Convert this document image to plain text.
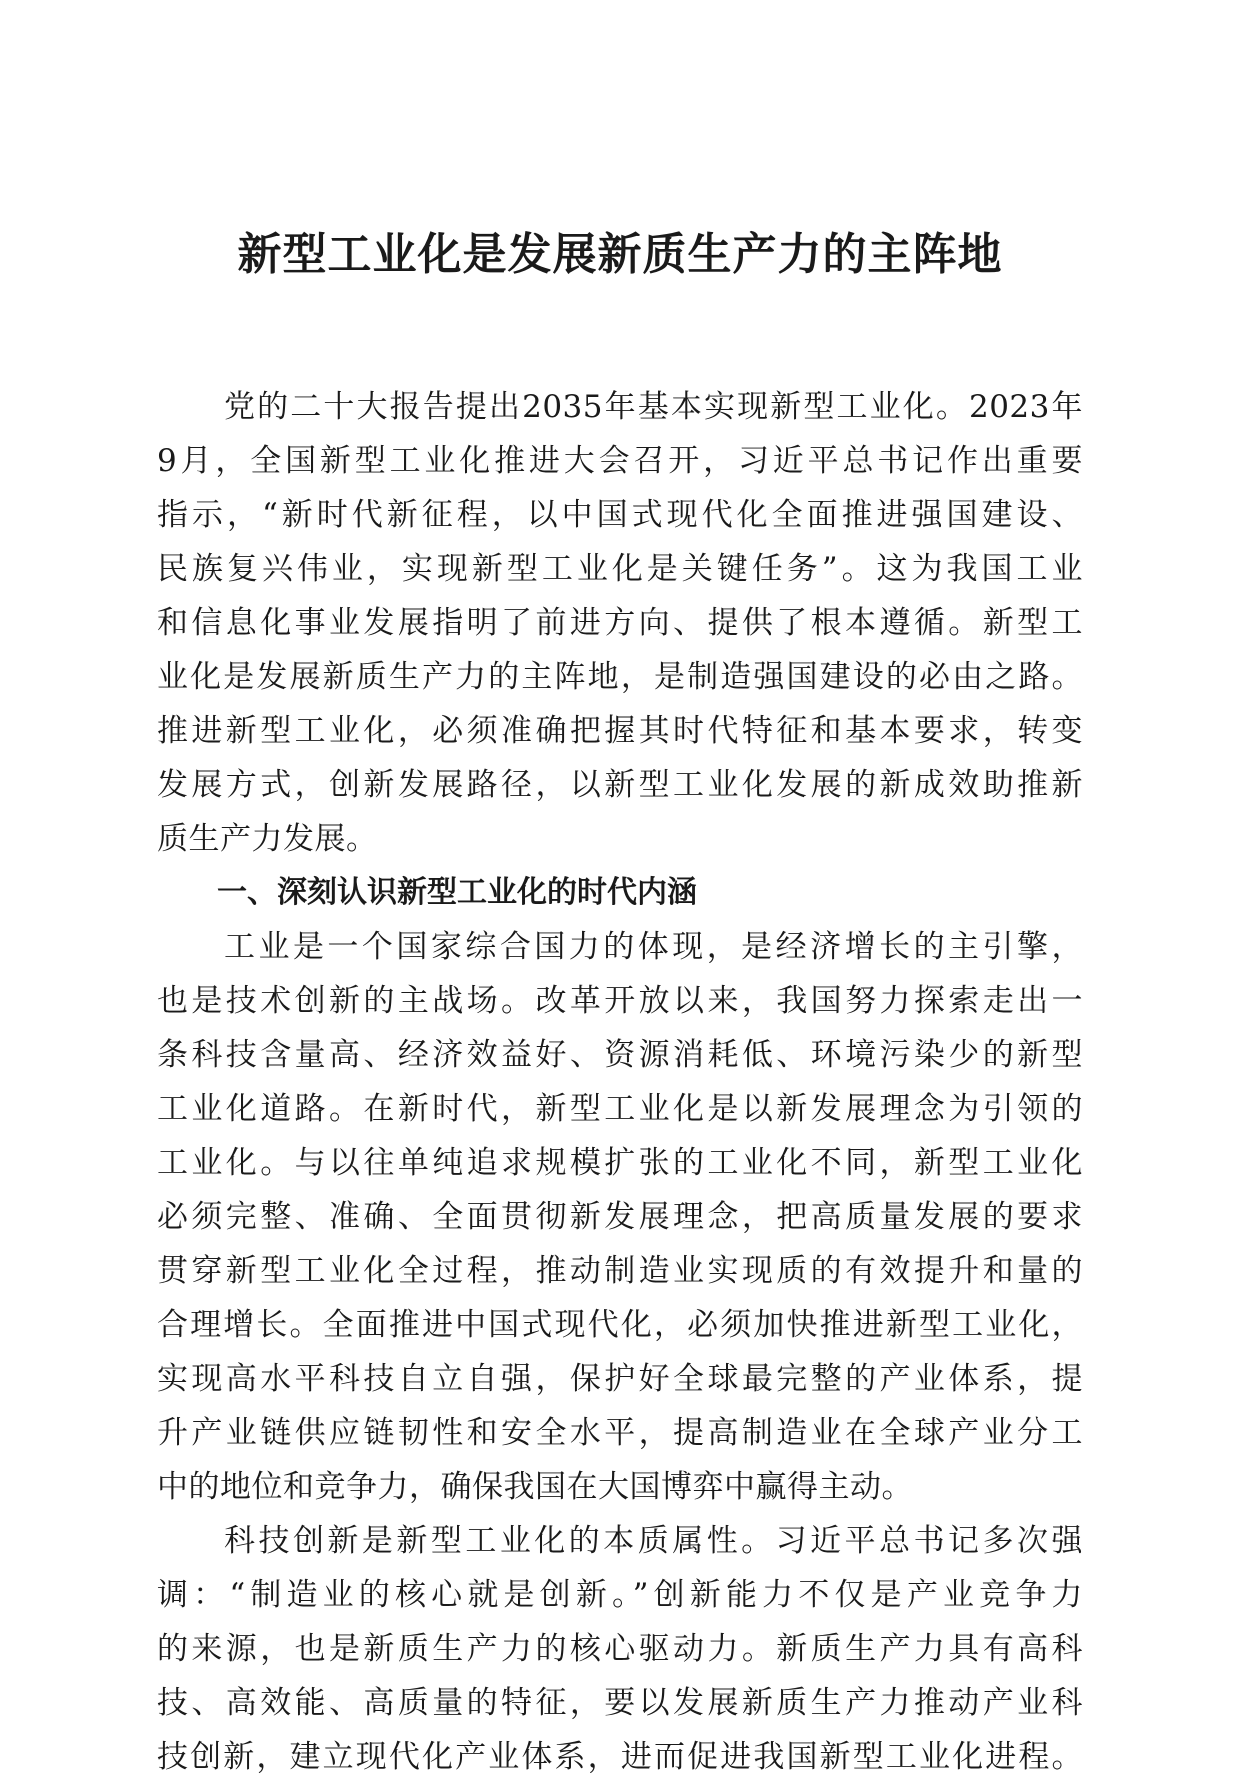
新型工业化是发展新质生产力的主阵地
党的二十大报告提出2035年基本实现新型工业化。2023年
9月，全国新型工业化推进大会召开，习近平总书记作出重要
指示，“新时代新征程，以中国式现代化全面推进强国建设、
民族复兴伟业，实现新型工业化是关键任务”。这为我国工业
和信息化事业发展指明了前进方向、提供了根本遵循。新型工
业化是发展新质生产力的主阵地，是制造强国建设的必由之路。
推进新型工业化，必须准确把握其时代特征和基本要求，转变
发展方式，创新发展路径，以新型工业化发展的新成效助推新
质生产力发展。
一、深刻认识新型工业化的时代内涵
工业是一个国家综合国力的体现，是经济增长的主引擎，
也是技术创新的主战场。改革开放以来，我国努力探索走出一
条科技含量高、经济效益好、资源消耗低、环境污染少的新型
工业化道路。在新时代，新型工业化是以新发展理念为引领的
工业化。与以往单纯追求规模扩张的工业化不同，新型工业化
必须完整、准确、全面贯彻新发展理念，把高质量发展的要求
贯穿新型工业化全过程，推动制造业实现质的有效提升和量的
合理增长。全面推进中国式现代化，必须加快推进新型工业化，
实现高水平科技自立自强，保护好全球最完整的产业体系，提
升产业链供应链韧性和安全水平，提高制造业在全球产业分工
中的地位和竞争力，确保我国在大国博弈中赢得主动。
科技创新是新型工业化的本质属性。习近平总书记多次强
调：“制造业的核心就是创新。”创新能力不仅是产业竞争力
的来源，也是新质生产力的核心驱动力。新质生产力具有高科
技、高效能、高质量的特征，要以发展新质生产力推动产业科
技创新，建立现代化产业体系，进而促进我国新型工业化进程。
